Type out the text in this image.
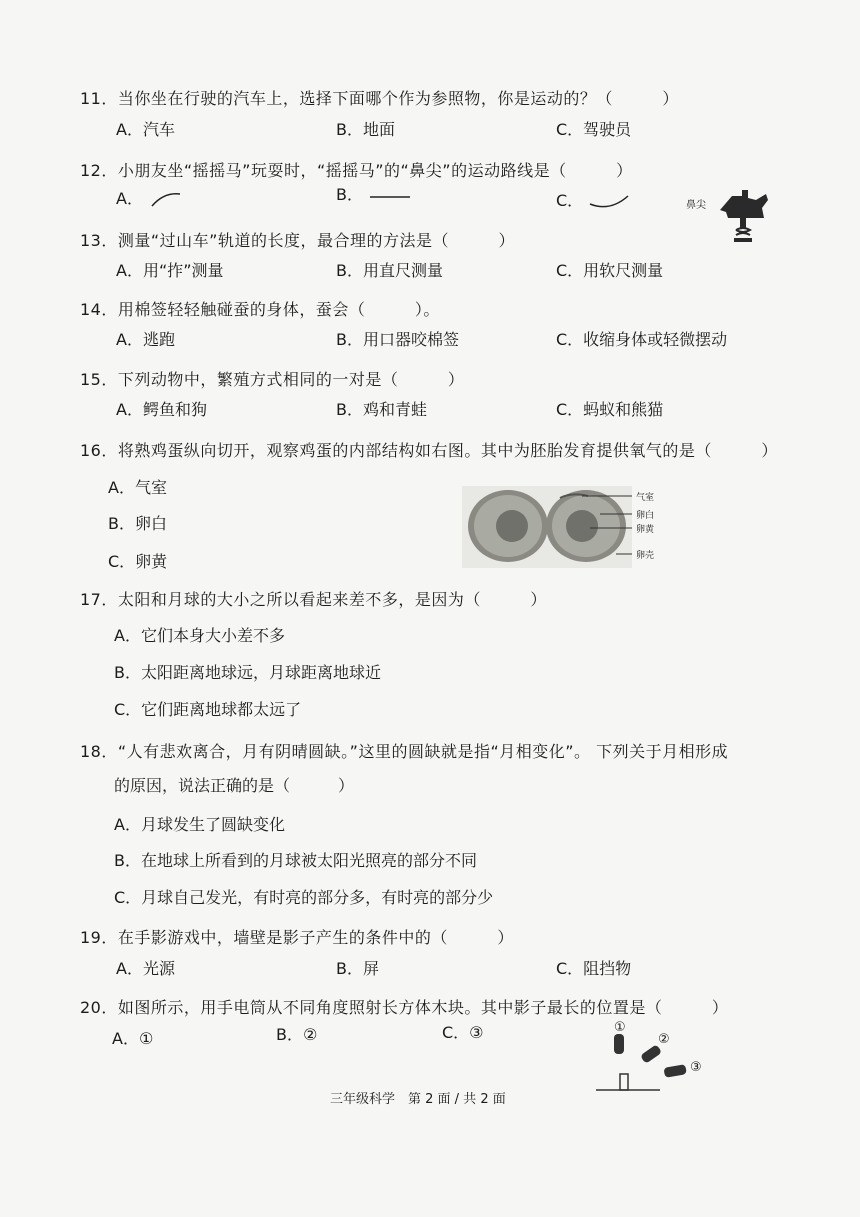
11．当你坐在行驶的汽车上，选择下面哪个作为参照物，你是运动的？（　　　）
A．汽车	B．地面	C．驾驶员
12．小朋友坐“摇摇马”玩耍时，“摇摇马”的“鼻尖”的运动路线是（　　　）
A．	B．	C．	鼻尖
13．测量“过山车”轨道的长度，最合理的方法是（　　　）
A．用“拃”测量	B．用直尺测量	C．用软尺测量
14．用棉签轻轻触碰蚕的身体，蚕会（　　　）。
A．逃跑	B．用口器咬棉签	C．收缩身体或轻微摆动
15．下列动物中，繁殖方式相同的一对是（　　　）
A．鳄鱼和狗	B．鸡和青蛙	C．蚂蚁和熊猫
16．将熟鸡蛋纵向切开，观察鸡蛋的内部结构如右图。其中为胚胎发育提供氧气的是（　　　）
A．气室
B．卵白
C．卵黄
气室
卵白
卵黄
卵壳
17．太阳和月球的大小之所以看起来差不多，是因为（　　　）
A．它们本身大小差不多
B．太阳距离地球远，月球距离地球近
C．它们距离地球都太远了
18．“人有悲欢离合，月有阴晴圆缺。”这里的圆缺就是指“月相变化”。 下列关于月相形成
的原因，说法正确的是（　　　）
A．月球发生了圆缺变化
B．在地球上所看到的月球被太阳光照亮的部分不同
C．月球自己发光，有时亮的部分多，有时亮的部分少
19．在手影游戏中，墙壁是影子产生的条件中的（　　　）
A．光源	B．屏	C．阻挡物
20．如图所示，用手电筒从不同角度照射长方体木块。其中影子最长的位置是（　　　）
A．①	B．②	C．③	①
②
③
三年级科学　第 2 面 / 共 2 面
